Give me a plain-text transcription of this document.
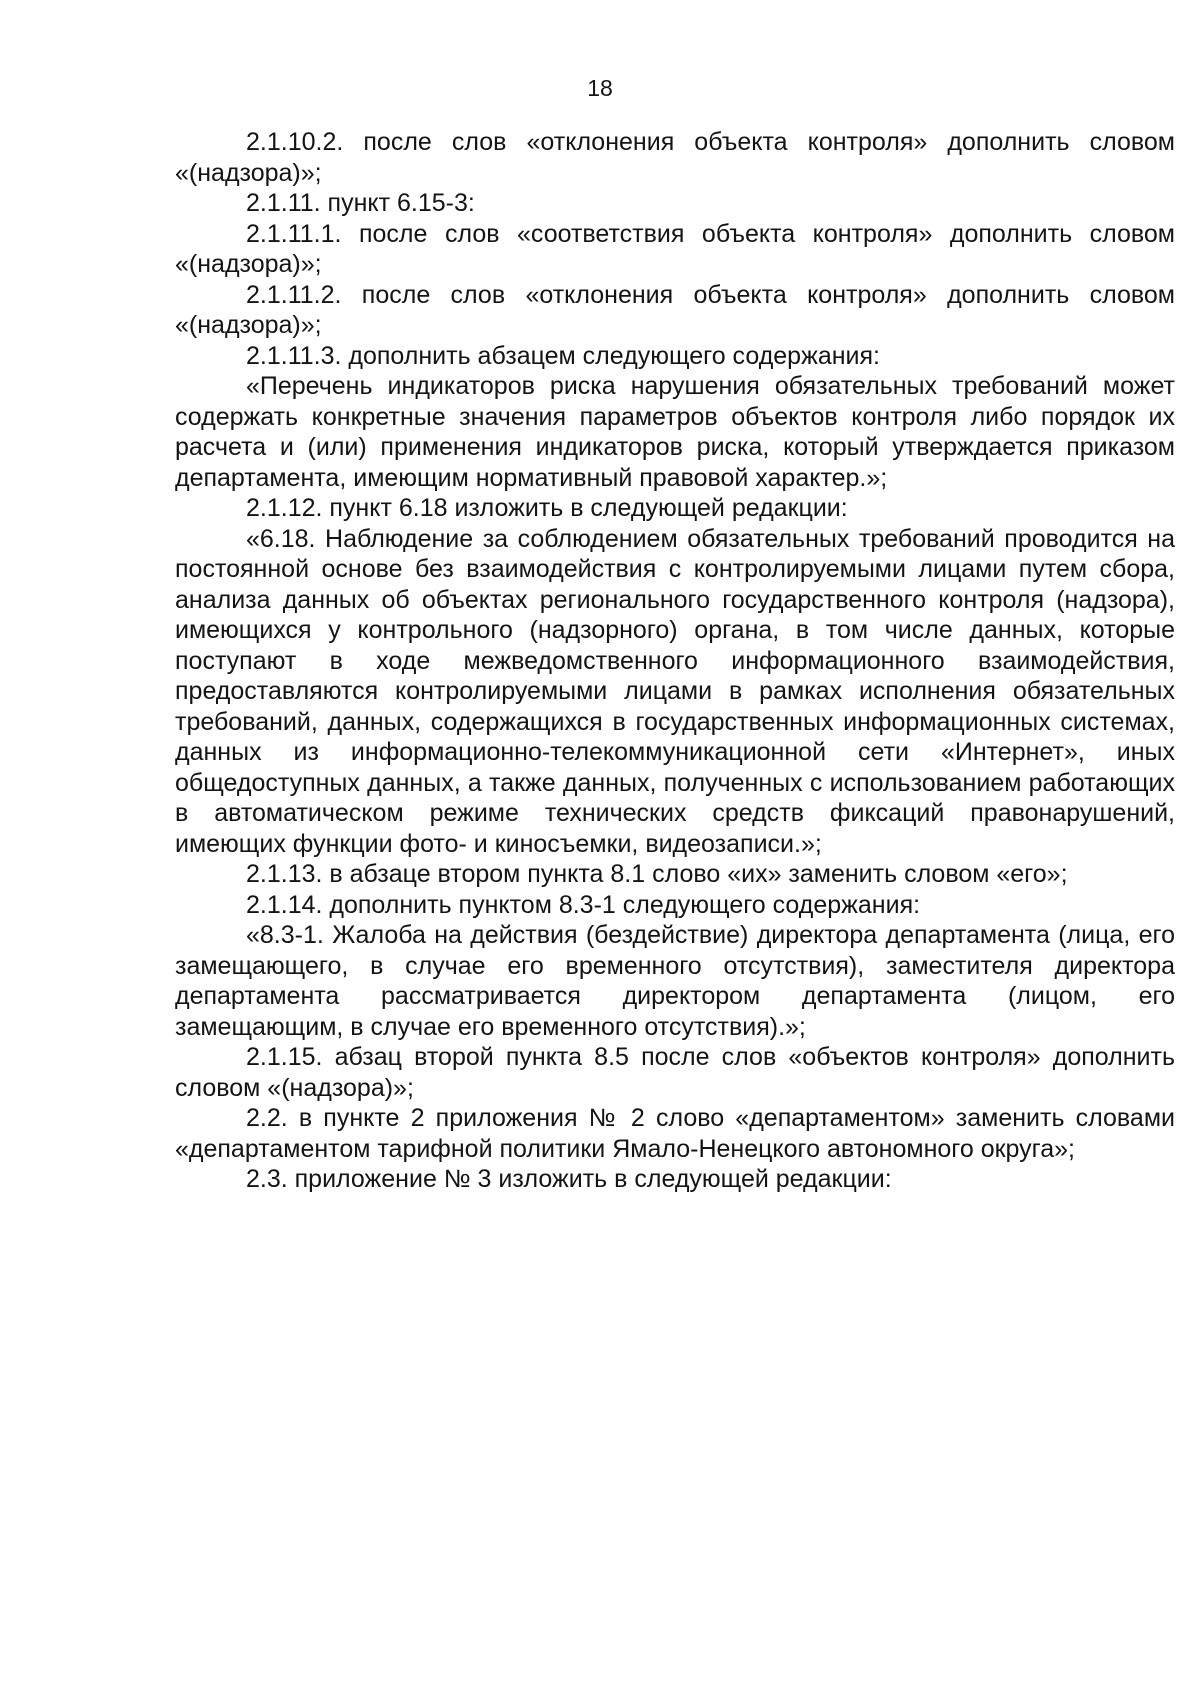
18

2.1.10.2. после слов «отклонения объекта контроля» дополнить словом «(надзора)»;

2.1.11. пункт 6.15-3:

2.1.11.1. после слов «соответствия объекта контроля» дополнить словом «(надзора)»;

2.1.11.2. после слов «отклонения объекта контроля» дополнить словом «(надзора)»;

2.1.11.3. дополнить абзацем следующего содержания:

«Перечень индикаторов риска нарушения обязательных требований может содержать конкретные значения параметров объектов контроля либо порядок их расчета и (или) применения индикаторов риска, который утверждается приказом департамента, имеющим нормативный правовой характер.»;

2.1.12. пункт 6.18 изложить в следующей редакции:

«6.18. Наблюдение за соблюдением обязательных требований проводится на постоянной основе без взаимодействия с контролируемыми лицами путем сбора, анализа данных об объектах регионального государственного контроля (надзора), имеющихся у контрольного (надзорного) органа, в том числе данных, которые поступают в ходе межведомственного информационного взаимодействия, предоставляются контролируемыми лицами в рамках исполнения обязательных требований, данных, содержащихся в государственных информационных системах, данных из информационно-телекоммуникационной сети «Интернет», иных общедоступных данных, а также данных, полученных с использованием работающих в автоматическом режиме технических средств фиксаций правонарушений, имеющих функции фото- и киносъемки, видеозаписи.»;

2.1.13. в абзаце втором пункта 8.1 слово «их» заменить словом «его»;

2.1.14. дополнить пунктом 8.3-1 следующего содержания:

«8.3-1. Жалоба на действия (бездействие) директора департамента (лица, его замещающего, в случае его временного отсутствия), заместителя директора департамента рассматривается директором департамента (лицом, его замещающим, в случае его временного отсутствия).»;

2.1.15. абзац второй пункта 8.5 после слов «объектов контроля» дополнить словом «(надзора)»;

2.2. в пункте 2 приложения № 2 слово «департаментом» заменить словами «департаментом тарифной политики Ямало-Ненецкого автономного округа»;

2.3. приложение № 3 изложить в следующей редакции:
